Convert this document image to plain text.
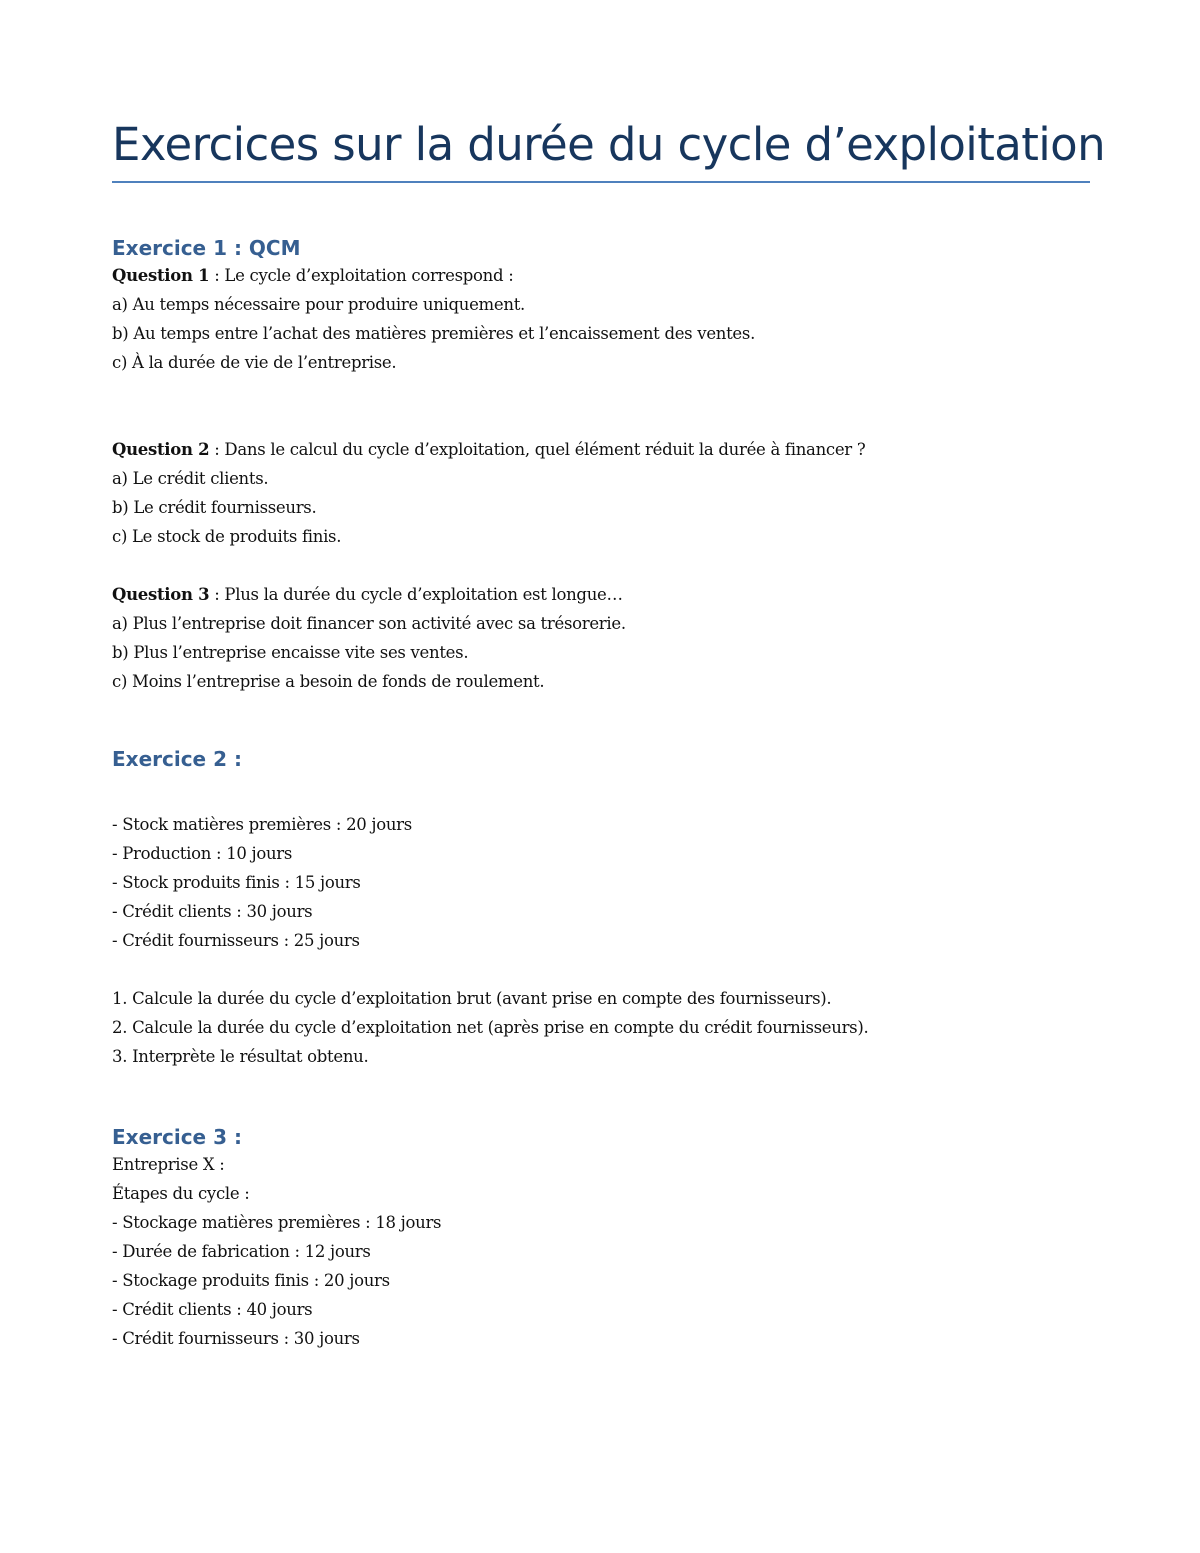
Exercices sur la durée du cycle d’exploitation
Exercice 1 : QCM
Question 1 : Le cycle d’exploitation correspond :
a) Au temps nécessaire pour produire uniquement.
b) Au temps entre l’achat des matières premières et l’encaissement des ventes.
c) À la durée de vie de l’entreprise.
Question 2 : Dans le calcul du cycle d’exploitation, quel élément réduit la durée à financer ?
a) Le crédit clients.
b) Le crédit fournisseurs.
c) Le stock de produits finis.
Question 3 : Plus la durée du cycle d’exploitation est longue…
a) Plus l’entreprise doit financer son activité avec sa trésorerie.
b) Plus l’entreprise encaisse vite ses ventes.
c) Moins l’entreprise a besoin de fonds de roulement.
Exercice 2 :
- Stock matières premières : 20 jours
- Production : 10 jours
- Stock produits finis : 15 jours
- Crédit clients : 30 jours
- Crédit fournisseurs : 25 jours
1. Calcule la durée du cycle d’exploitation brut (avant prise en compte des fournisseurs).
2. Calcule la durée du cycle d’exploitation net (après prise en compte du crédit fournisseurs).
3. Interprète le résultat obtenu.
Exercice 3 :
Entreprise X :
Étapes du cycle :
- Stockage matières premières : 18 jours
- Durée de fabrication : 12 jours
- Stockage produits finis : 20 jours
- Crédit clients : 40 jours
- Crédit fournisseurs : 30 jours
